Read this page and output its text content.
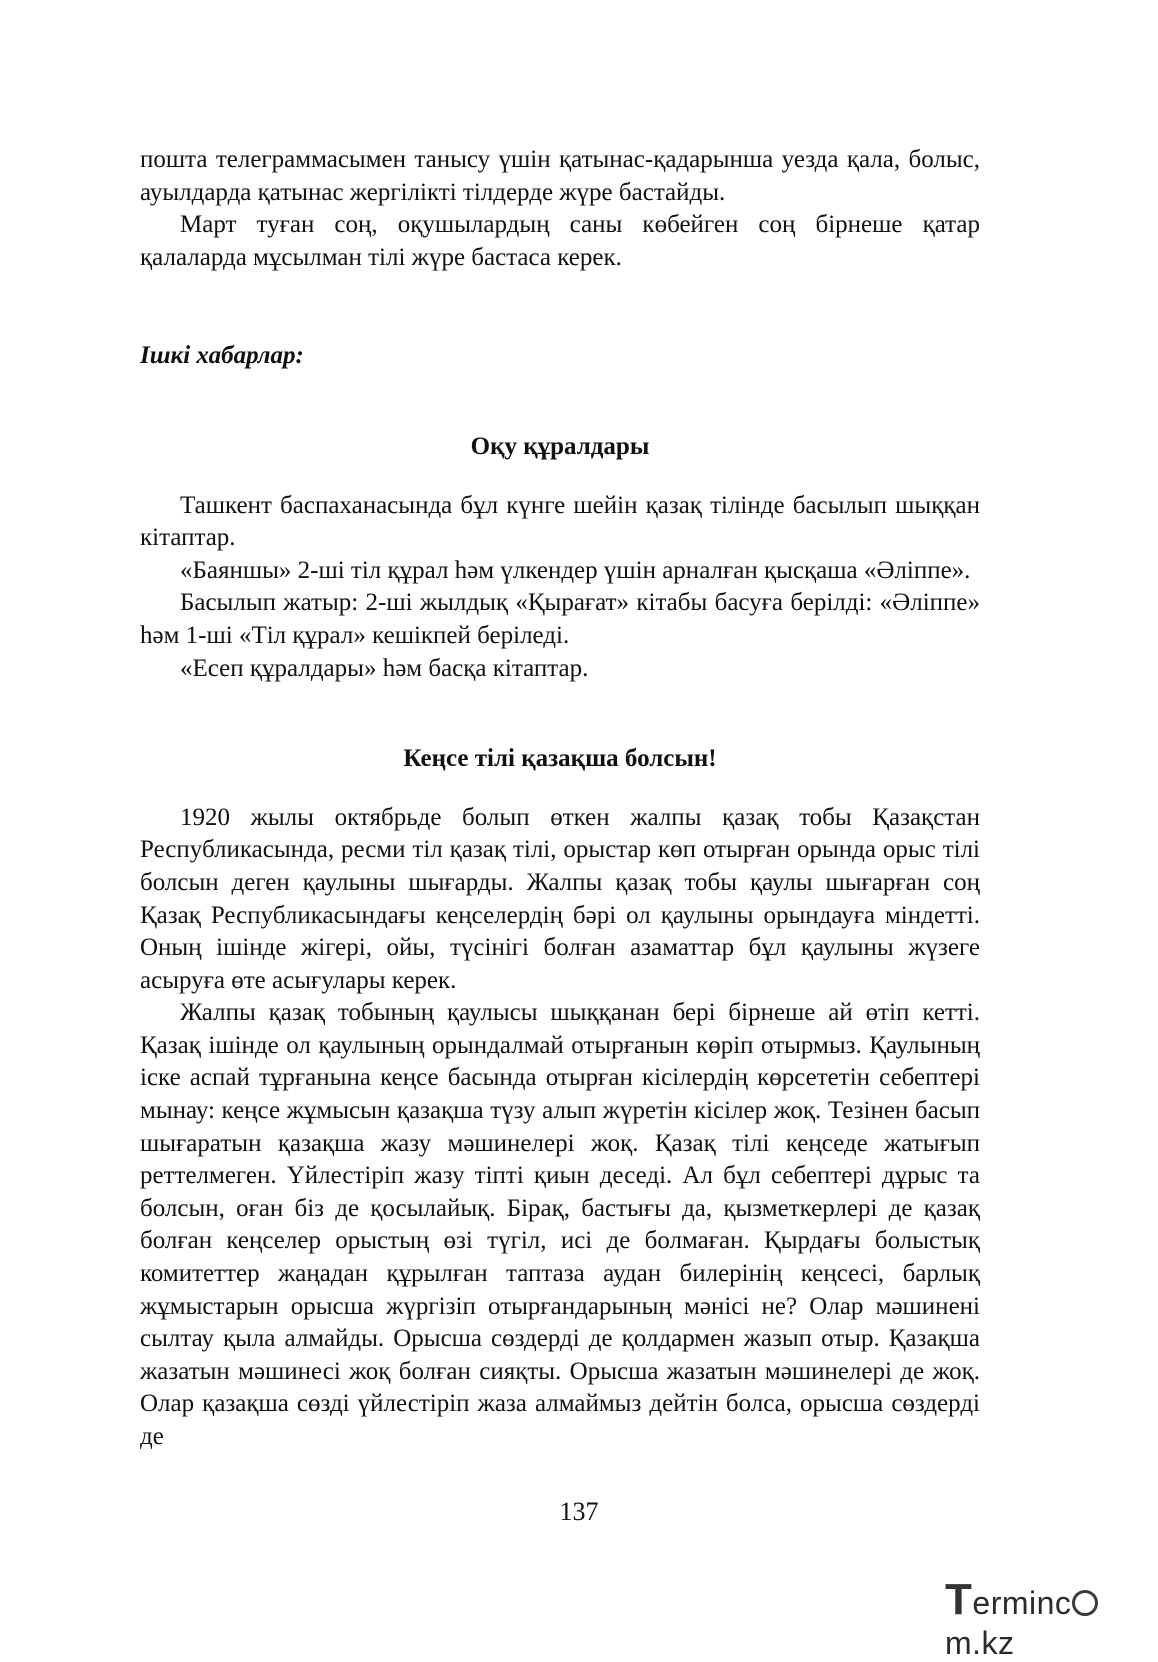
пошта телеграммасымен танысу үшін қатынас-қадарынша уезда қала, болыс, ауылдарда қатынас жергілікті тілдерде жүре бастайды.

Март туған соң, оқушылардың саны көбейген соң бірнеше қатар қалаларда мұсылман тілі жүре бастаса керек.

Ішкі хабарлар:

Оқу құралдары

Ташкент баспаханасында бұл күнге шейін қазақ тілінде басылып шыққан кітаптар.

«Баяншы» 2-ші тіл құрал һәм үлкендер үшін арналған қысқаша «Әліппе».

Басылып жатыр: 2-ші жылдық «Қырағат» кітабы басуға берілді: «Әліппе» һәм 1-ші «Тіл құрал» кешікпей беріледі.

«Есеп құралдары» һәм басқа кітаптар.

Кеңсе тілі қазақша болсын!

1920 жылы октябрьде болып өткен жалпы қазақ тобы Қазақстан Республикасында, ресми тіл қазақ тілі, орыстар көп отырған орында орыс тілі болсын деген қаулыны шығарды. Жалпы қазақ тобы қаулы шығарған соң Қазақ Республикасындағы кеңселердің бәрі ол қаулыны орындауға міндетті. Оның ішінде жігері, ойы, түсінігі болған азаматтар бұл қаулыны жүзеге асыруға өте асығулары керек.

Жалпы қазақ тобының қаулысы шыққанан бері бірнеше ай өтіп кетті. Қазақ ішінде ол қаулының орындалмай отырғанын көріп отырмыз. Қаулының іске аспай тұрғанына кеңсе басында отырған кісілердің көрсететін себептері мынау: кеңсе жұмысын қазақша түзу алып жүретін кісілер жоқ. Тезінен басып шығаратын қазақша жазу мәшинелері жоқ. Қазақ тілі кеңседе жатығып реттелмеген. Үйлестіріп жазу тіпті қиын деседі. Ал бұл себептері дұрыс та болсын, оған біз де қосылайық. Бірақ, бастығы да, қызметкерлері де қазақ болған кеңселер орыстың өзі түгіл, исі де болмаған. Қырдағы болыстық комитеттер жаңадан құрылған таптаза аудан билерінің кеңсесі, барлық жұмыстарын орысша жүргізіп отырғандарының мәнісі не? Олар мәшинені сылтау қыла алмайды. Орысша сөздерді де қолдармен жазып отыр. Қазақша жазатын мәшинесі жоқ болған сияқты. Орысша жазатын мәшинелері де жоқ. Олар қазақша сөзді үйлестіріп жаза алмаймыз дейтін болса, орысша сөздерді де

137
Termincm.kz
